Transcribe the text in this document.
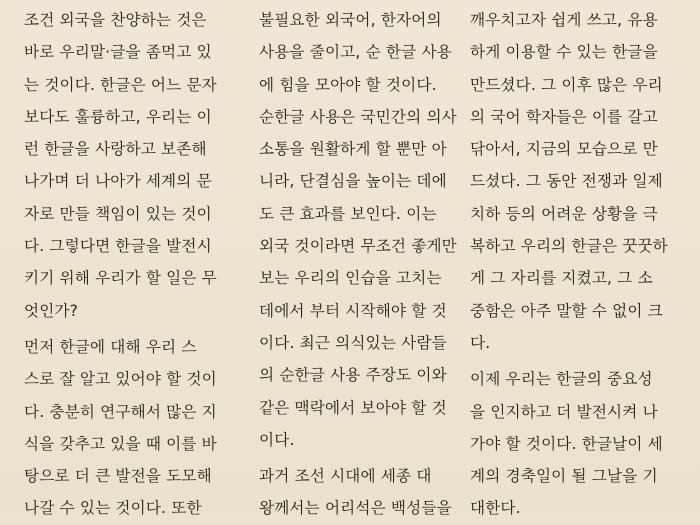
조건 외국을 찬양하는 것은
바로 우리말·글을 좀먹고 있
는 것이다. 한글은 어느 문자
보다도 훌륭하고, 우리는 이
런 한글을 사랑하고 보존해
나가며 더 나아가 세계의 문
자로 만들 책임이 있는 것이
다. 그렇다면 한글을 발전시
키기 위해 우리가 할 일은 무
엇인가?
먼저 한글에 대해 우리 스
스로 잘 알고 있어야 할 것이
다. 충분히 연구해서 많은 지
식을 갖추고 있을 때 이를 바
탕으로 더 큰 발전을 도모해
나갈 수 있는 것이다. 또한
불필요한 외국어, 한자어의
사용을 줄이고, 순 한글 사용
에 힘을 모아야 할 것이다.
순한글 사용은 국민간의 의사
소통을 원활하게 할 뿐만 아
니라, 단결심을 높이는 데에
도 큰 효과를 보인다. 이는
외국 것이라면 무조건 좋게만
보는 우리의 인습을 고치는
데에서 부터 시작해야 할 것
이다. 최근 의식있는 사람들
의 순한글 사용 주장도 이와
같은 맥락에서 보아야 할 것
이다.
과거 조선 시대에 세종 대
왕께서는 어리석은 백성들을
깨우치고자 쉽게 쓰고, 유용
하게 이용할 수 있는 한글을
만드셨다. 그 이후 많은 우리
의 국어 학자들은 이를 갈고
닦아서, 지금의 모습으로 만
드셨다. 그 동안 전쟁과 일제
치하 등의 어려운 상황을 극
복하고 우리의 한글은 꿋꿋하
게 그 자리를 지켰고, 그 소
중함은 아주 말할 수 없이 크
다.
이제 우리는 한글의 중요성
을 인지하고 더 발전시켜 나
가야 할 것이다. 한글날이 세
계의 경축일이 될 그날을 기
대한다.
